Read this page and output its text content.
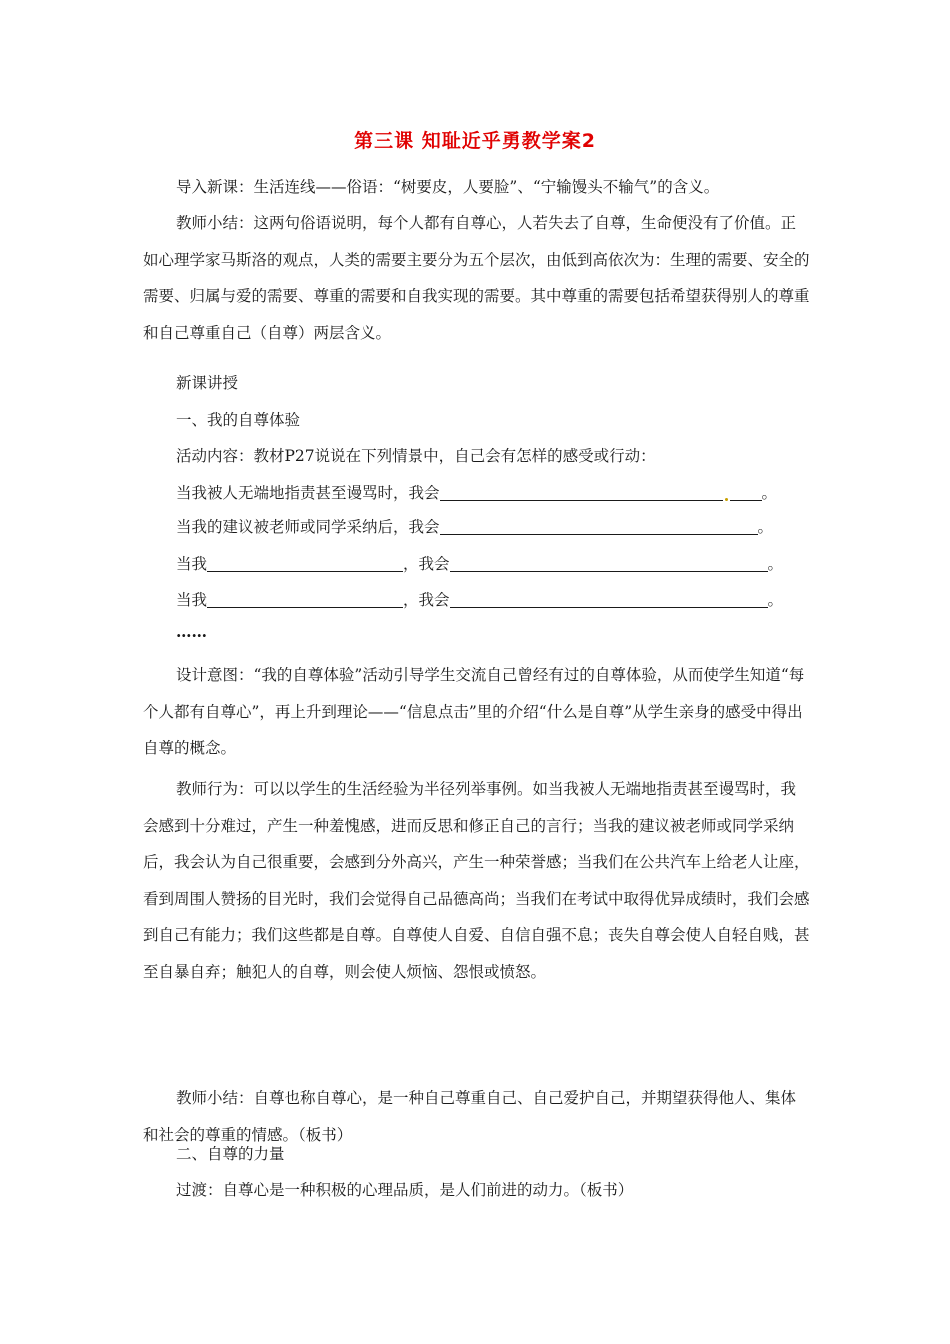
第三课 知耻近乎勇教学案2

导入新课：生活连线——俗语：“树要皮，人要脸”、“宁输馒头不输气”的含义。

教师小结：这两句俗语说明，每个人都有自尊心，人若失去了自尊，生命便没有了价值。正如心理学家马斯洛的观点，人类的需要主要分为五个层次，由低到高依次为：生理的需要、安全的需要、归属与爱的需要、尊重的需要和自我实现的需要。其中尊重的需要包括希望获得别人的尊重和自己尊重自己（自尊）两层含义。

新课讲授

一、我的自尊体验

活动内容：教材P27说说在下列情景中，自己会有怎样的感受或行动：

当我被人无端地指责甚至谩骂时，我会	。
当我的建议被老师或同学采纳后，我会	。
当我	，我会	。
当我	，我会	。
……

设计意图：“我的自尊体验”活动引导学生交流自己曾经有过的自尊体验，从而使学生知道“每个人都有自尊心”，再上升到理论——“信息点击”里的介绍“什么是自尊”从学生亲身的感受中得出自尊的概念。

教师行为：可以以学生的生活经验为半径列举事例。如当我被人无端地指责甚至谩骂时，我会感到十分难过，产生一种羞愧感，进而反思和修正自己的言行；当我的建议被老师或同学采纳后，我会认为自己很重要，会感到分外高兴，产生一种荣誉感；当我们在公共汽车上给老人让座，看到周围人赞扬的目光时，我们会觉得自己品德高尚；当我们在考试中取得优异成绩时，我们会感到自己有能力；我们这些都是自尊。自尊使人自爱、自信自强不息；丧失自尊会使人自轻自贱，甚至自暴自弃；触犯人的自尊，则会使人烦恼、怨恨或愤怒。

教师小结：自尊也称自尊心，是一种自己尊重自己、自己爱护自己，并期望获得他人、集体和社会的尊重的情感。（板书）

二、自尊的力量

过渡：自尊心是一种积极的心理品质，是人们前进的动力。（板书）
